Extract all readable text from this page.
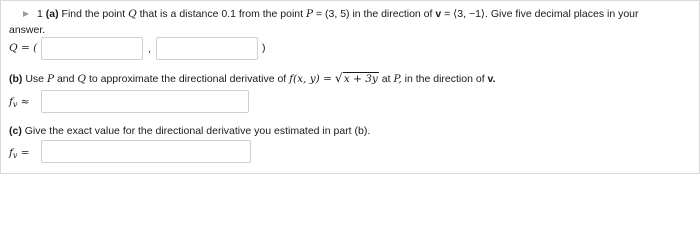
1 (a) Find the point Q that is a distance 0.1 from the point P = (3, 5) in the direction of v = ⟨3, −1⟩. Give five decimal places in your
answer.
Q = (	,	)
(b) Use P and Q to approximate the directional derivative of f(x, y) = √ x + 3y at P, in the direction of v.
$f_v$ ≈
(c) Give the exact value for the directional derivative you estimated in part (b).
$f_v$ =
